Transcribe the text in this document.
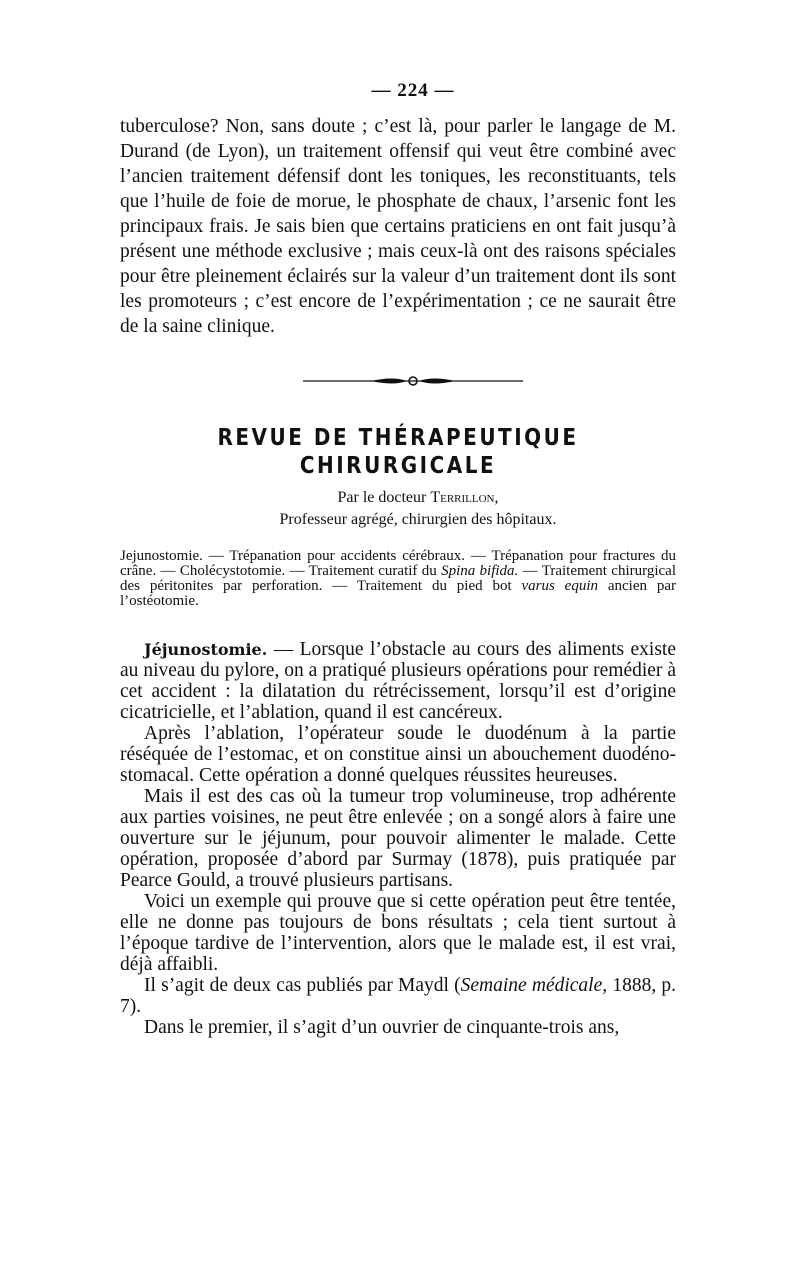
— 224 —

tuberculose? Non, sans doute ; c’est là, pour parler le langage de M. Durand (de Lyon), un traitement offensif qui veut être combiné avec l’ancien traitement défensif dont les toniques, les reconstituants, tels que l’huile de foie de morue, le phosphate de chaux, l’arsenic font les principaux frais. Je sais bien que certains praticiens en ont fait jusqu’à présent une méthode exclusive ; mais ceux-là ont des raisons spéciales pour être pleinement éclairés sur la valeur d’un traitement dont ils sont les promoteurs ; c’est encore de l’expérimentation ; ce ne saurait être de la saine clinique.

REVUE DE THÉRAPEUTIQUE CHIRURGICALE
Par le docteur Terrillon,
Professeur agrégé, chirurgien des hôpitaux.

Jejunostomie. — Trépanation pour accidents cérébraux. — Trépanation pour fractures du crâne. — Cholécystotomie. — Traitement curatif du Spina bifida. — Traitement chirurgical des péritonites par perforation. — Traitement du pied bot varus equin ancien par l’ostéotomie.

Jéjunostomie. — Lorsque l’obstacle au cours des aliments existe au niveau du pylore, on a pratiqué plusieurs opérations pour remédier à cet accident : la dilatation du rétrécissement, lorsqu’il est d’origine cicatricielle, et l’ablation, quand il est cancéreux.

Après l’ablation, l’opérateur soude le duodénum à la partie réséquée de l’estomac, et on constitue ainsi un abouchement duodéno-stomacal. Cette opération a donné quelques réussites heureuses.

Mais il est des cas où la tumeur trop volumineuse, trop adhérente aux parties voisines, ne peut être enlevée ; on a songé alors à faire une ouverture sur le jéjunum, pour pouvoir alimenter le malade. Cette opération, proposée d’abord par Surmay (1878), puis pratiquée par Pearce Gould, a trouvé plusieurs partisans.

Voici un exemple qui prouve que si cette opération peut être tentée, elle ne donne pas toujours de bons résultats ; cela tient surtout à l’époque tardive de l’intervention, alors que le malade est, il est vrai, déjà affaibli.

Il s’agit de deux cas publiés par Maydl (Semaine médicale, 1888, p. 7).

Dans le premier, il s’agit d’un ouvrier de cinquante-trois ans,
